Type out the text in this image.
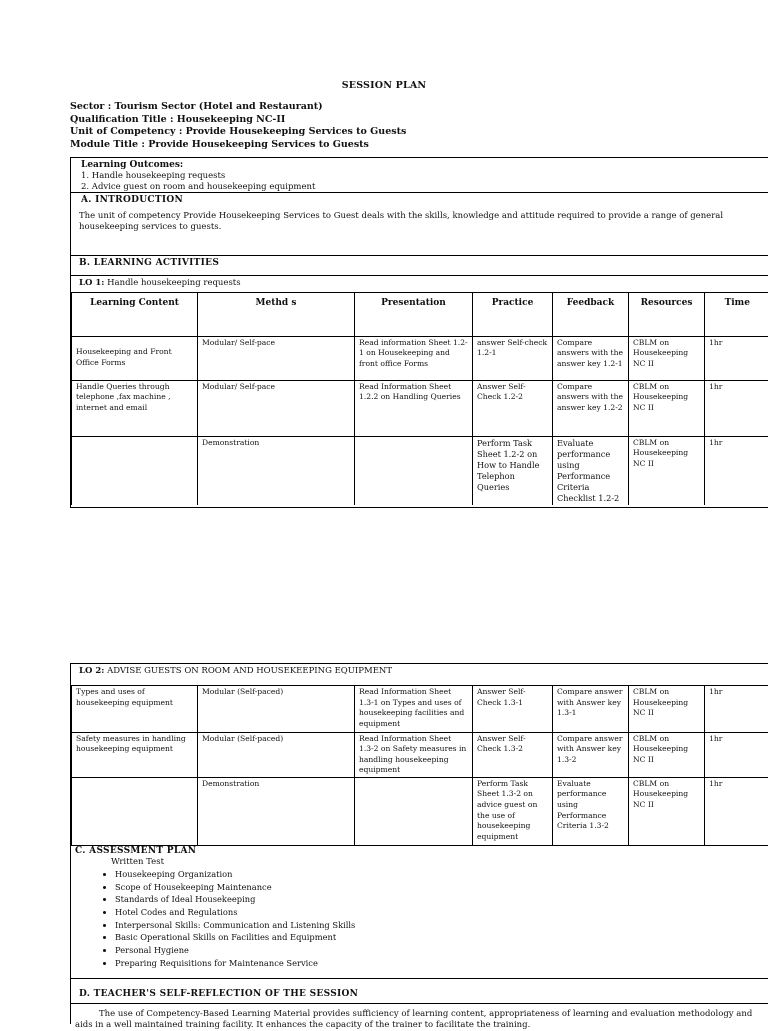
SESSION PLAN
Sector : Tourism Sector (Hotel and Restaurant)
Qualification Title : Housekeeping NC-II
Unit of Competency : Provide Housekeeping Services to Guests
Module Title : Provide Housekeeping Services to Guests
Learning Outcomes:
1. Handle housekeeping requests
2. Advice guest on room and housekeeping equipment
A. INTRODUCTION
The unit of competency Provide Housekeeping Services to Guest deals with the skills, knowledge and attitude required to provide a range of general housekeeping services to guests.
B. LEARNING ACTIVITIES
LO 1: Handle housekeeping requests
Learning Content	Methd s	Presentation	Practice	Feedback	Resources	Time
Housekeeping and Front Office Forms	Modular/ Self-pace	Read information Sheet 1.2-1 on Housekeeping and front office Forms	answer Self-check 1.2-1	Compare answers with the answer key 1.2-1	CBLM on Housekeeping NC II	1hr
Handle Queries through telephone ,fax machine , internet and email	Modular/ Self-pace	Read Information Sheet 1.2.2 on Handling Queries	Answer Self-Check 1.2-2	Compare answers with the answer key 1.2-2	CBLM on Housekeeping NC II	1hr
	Demonstration		Perform Task Sheet 1.2-2 on How to Handle Telephon Queries	Evaluate performance using Performance Criteria Checklist 1.2-2	CBLM on Housekeeping NC II	1hr
LO 2: ADVISE GUESTS ON ROOM AND HOUSEKEEPING EQUIPMENT
Types and uses of housekeeping equipment	Modular (Self-paced)	Read Information Sheet 1.3-1 on Types and uses of housekeeping facilities and equipment	Answer Self-Check 1.3-1	Compare answer with Answer key 1.3-1	CBLM on Housekeeping NC II	1hr
Safety measures in handling housekeeping equipment	Modular (Self-paced)	Read Information Sheet 1.3-2 on Safety measures in handling housekeeping equipment	Answer Self-Check 1.3-2	Compare answer with Answer key 1.3-2	CBLM on Housekeeping NC II	1hr
	Demonstration		Perform Task Sheet 1.3-2 on advice guest on the use of housekeeping equipment	Evaluate performance using Performance Criteria 1.3-2	CBLM on Housekeeping NC II	1hr
C. ASSESSMENT PLAN
Written Test
• Housekeeping Organization
• Scope of Housekeeping Maintenance
• Standards of Ideal Housekeeping
• Hotel Codes and Regulations
• Interpersonal Skills: Communication and Listening Skills
• Basic Operational Skills on Facilities and Equipment
• Personal Hygiene
• Preparing Requisitions for Maintenance Service
D. TEACHER'S SELF-REFLECTION OF THE SESSION
The use of Competency-Based Learning Material provides sufficiency of learning content, appropriateness of learning and evaluation methodology and aids in a well maintained training facility. It enhances the capacity of the trainer to facilitate the training.
